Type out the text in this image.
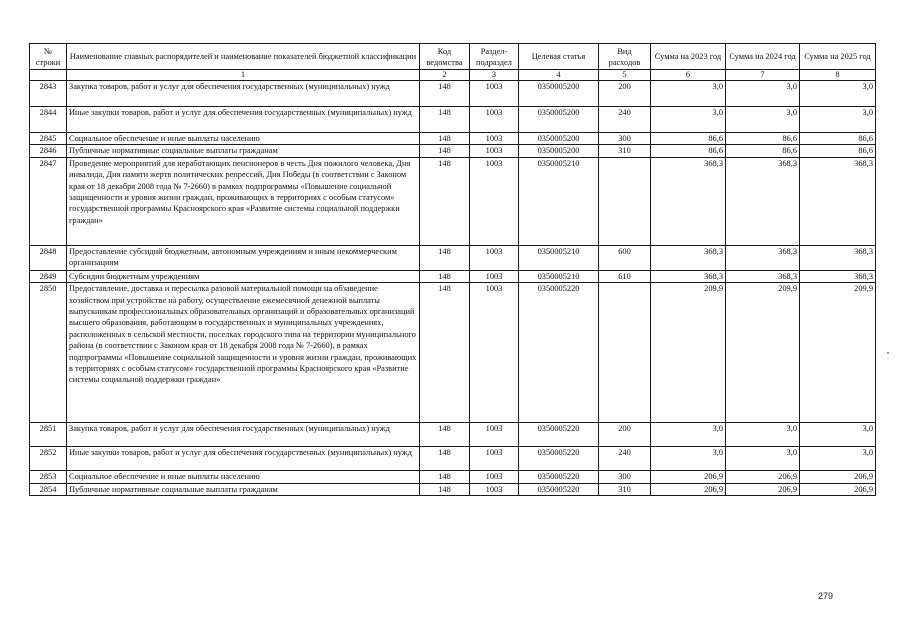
№ строки	Наименование главных распорядителей и наименование показателей бюджетной классификации	Код ведомства	Раздел-подраздел	Целевая статья	Вид расходов	Сумма на 2023 год	Сумма на 2024 год	Сумма на 2025 год
	1	2	3	4	5	6	7	8
2843	Закупка товаров, работ и услуг для обеспечения государственных (муниципальных) нужд	148	1003	0350005200	200	3,0	3,0	3,0
2844	Иные закупки товаров, работ и услуг для обеспечения государственных (муниципальных) нужд	148	1003	0350005200	240	3,0	3,0	3,0
2845	Социальное обеспечение и иные выплаты населению	148	1003	0350005200	300	86,6	86,6	86,6
2846	Публичные нормативные социальные выплаты гражданам	148	1003	0350005200	310	86,6	86,6	86,6
2847	Проведение мероприятий для неработающих пенсионеров в честь Дня пожилого человека, Дня инвалида, Дня памяти жертв политических репрессий, Дня Победы (в соответствии с Законом края от 18 декабря 2008 года № 7-2660) в рамках подпрограммы «Повышение социальной защищенности и уровня жизни граждан, проживающих в территориях с особым статусом» государственной программы Красноярского края «Развитие системы социальной поддержки граждан»	148	1003	0350005210		368,3	368,3	368,3
2848	Предоставление субсидий бюджетным, автономным учреждениям и иным некоммерческим организациям	148	1003	0350005210	600	368,3	368,3	368,3
2849	Субсидии бюджетным учреждениям	148	1003	0350005210	610	368,3	368,3	368,3
2850	Предоставление, доставка и пересылка разовой материальной помощи на обзаведение хозяйством при устройстве на работу, осуществление ежемесячной денежной выплаты выпускникам профессиональных образовательных организаций и образовательных организаций высшего образования, работающим в государственных и муниципальных учреждениях, расположенных в сельской местности, поселках городского типа на территории муниципального района (в соответствии с Законом края от 18 декабря 2008 года № 7-2660), в рамках подпрограммы «Повышение социальной защищенности и уровня жизни граждан, проживающих в территориях с особым статусом» государственной программы Красноярского края «Развитие системы социальной поддержки граждан»	148	1003	0350005220		209,9	209,9	209,9
2851	Закупка товаров, работ и услуг для обеспечения государственных (муниципальных) нужд	148	1003	0350005220	200	3,0	3,0	3,0
2852	Иные закупки товаров, работ и услуг для обеспечения государственных (муниципальных) нужд	148	1003	0350005220	240	3,0	3,0	3,0
2853	Социальное обеспечение и иные выплаты населению	148	1003	0350005220	300	206,9	206,9	206,9
2854	Публичные нормативные социальные выплаты гражданам	148	1003	0350005220	310	206,9	206,9	206,9
279
